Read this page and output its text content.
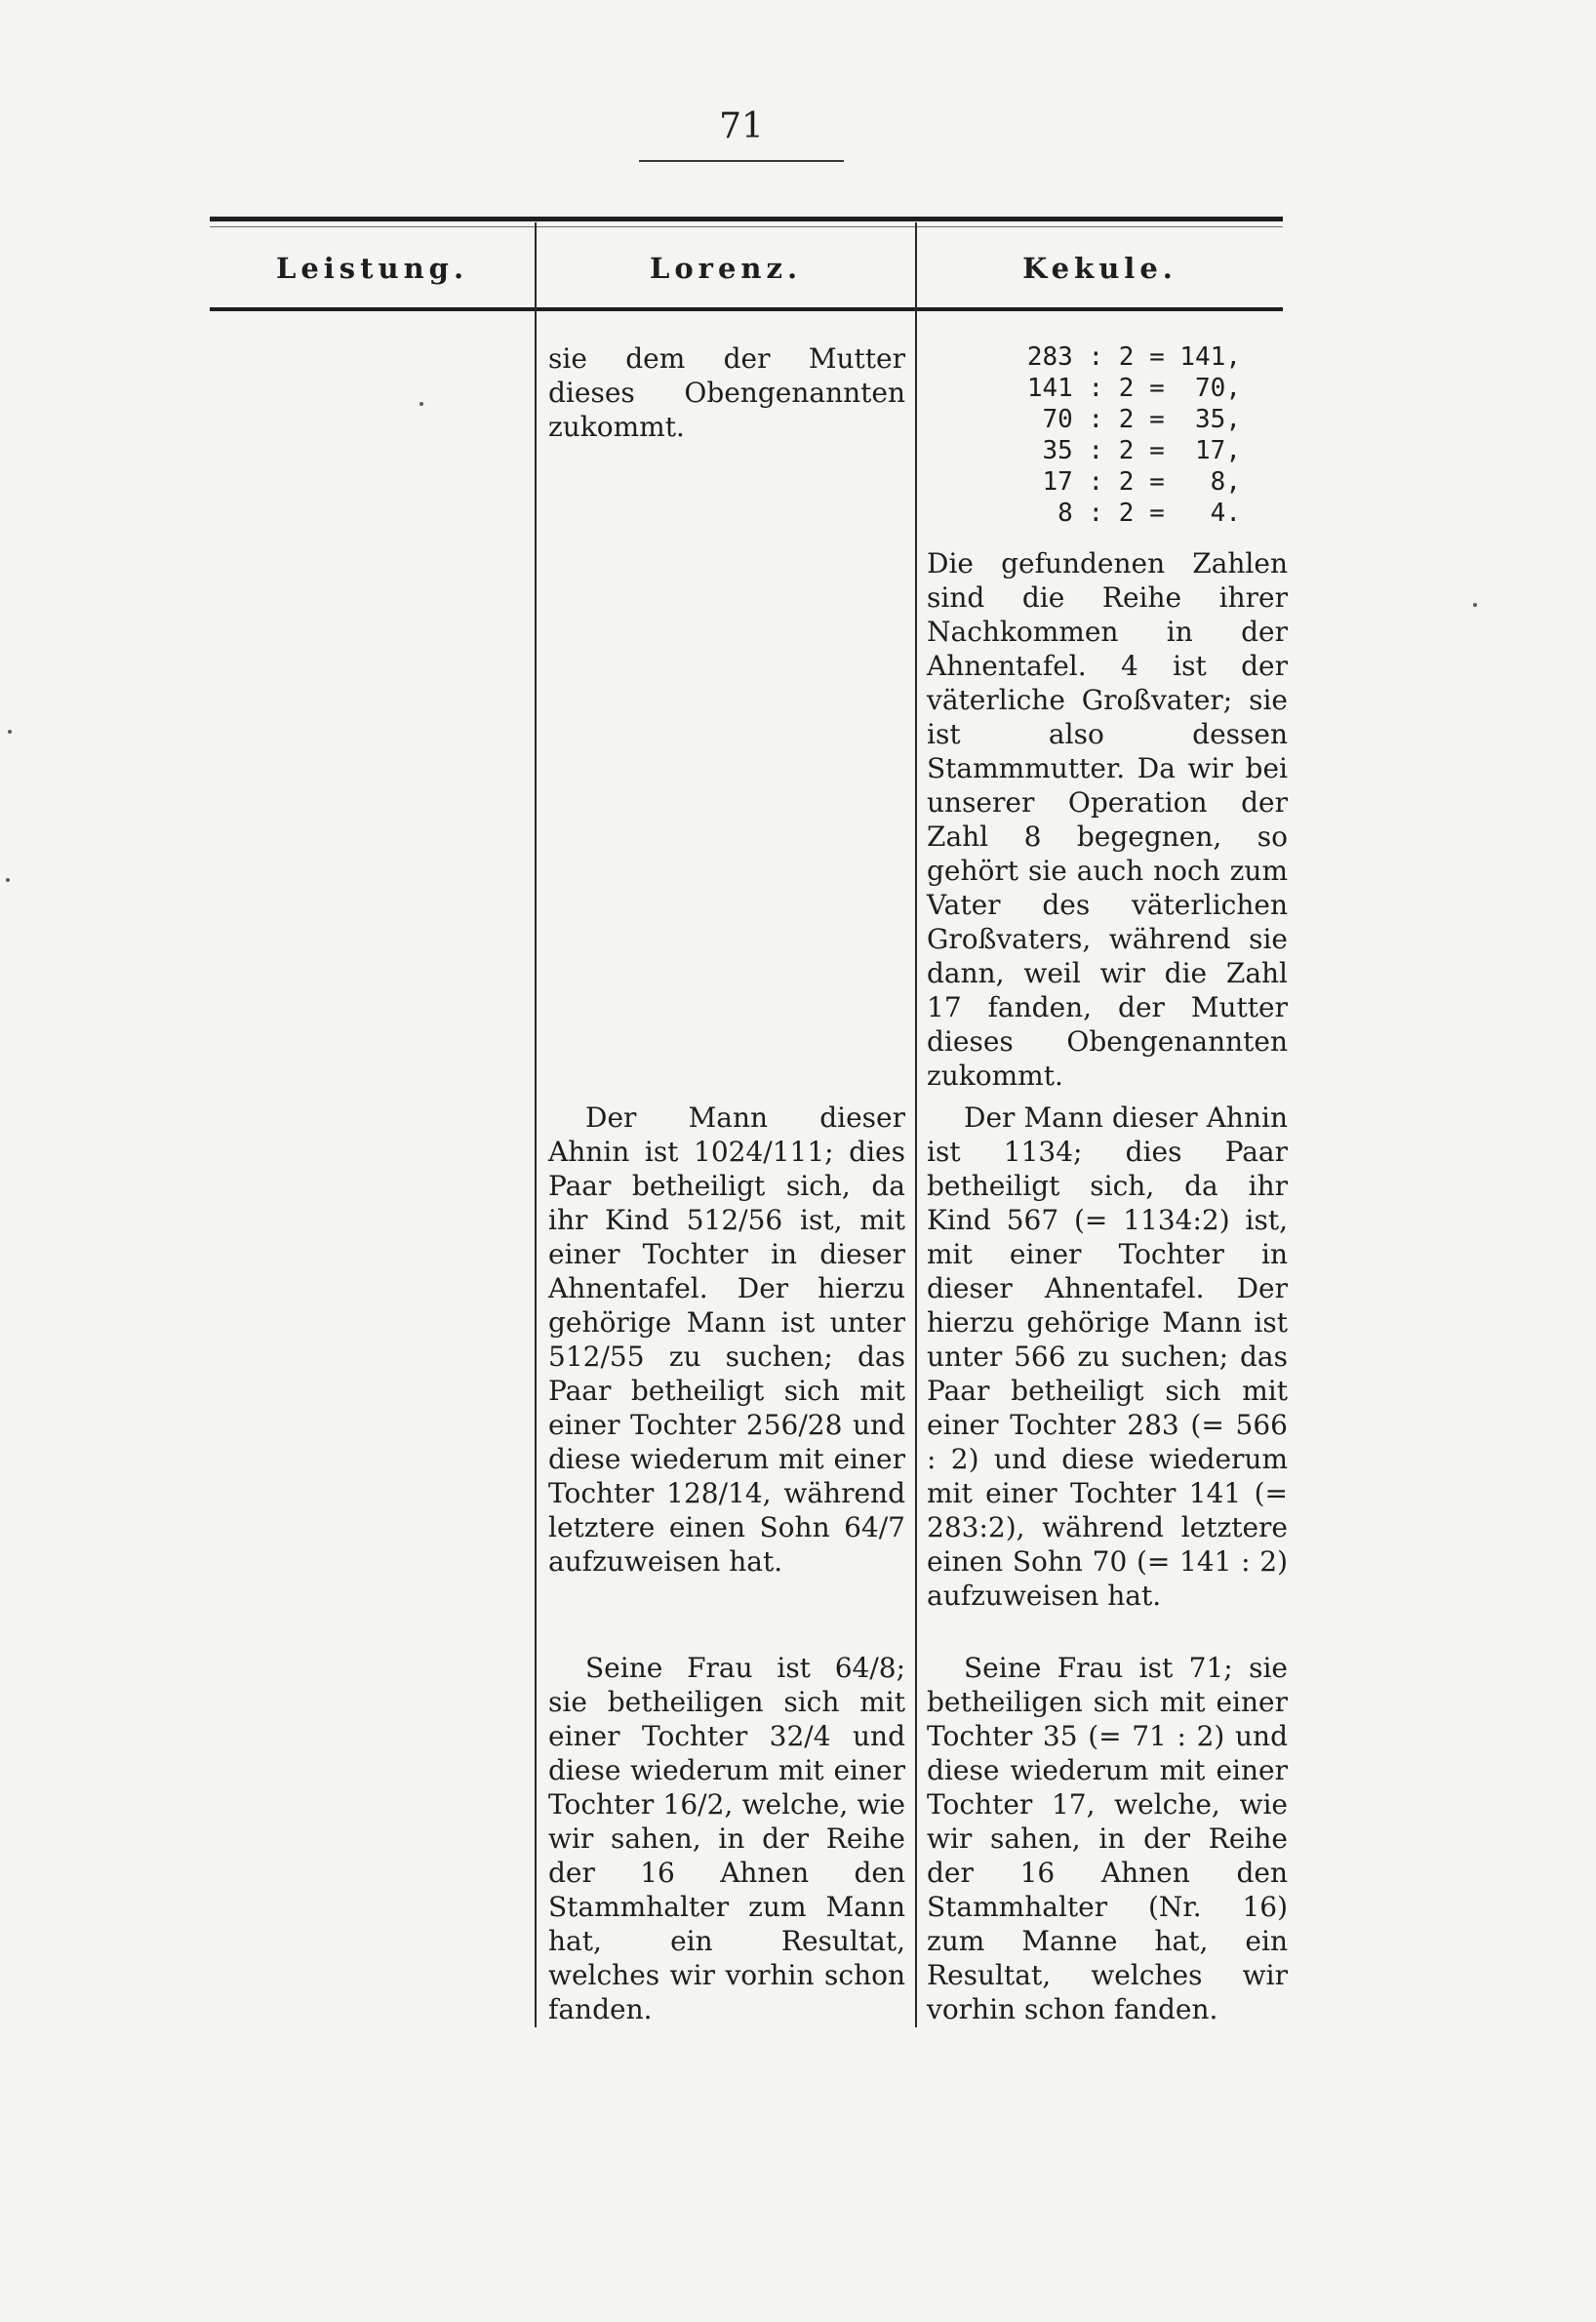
71
Leistung.	Lorenz.	Kekule.

sie dem der Mutter dieses Obengenannten zukommt.

Der Mann dieser Ahnin ist 1024/111; dies Paar betheiligt sich, da ihr Kind 512/56 ist, mit einer Tochter in dieser Ahnentafel. Der hierzu gehörige Mann ist unter 512/55 zu suchen; das Paar betheiligt sich mit einer Tochter 256/28 und diese wiederum mit einer Tochter 128/14, während letztere einen Sohn 64/7 aufzuweisen hat.

Seine Frau ist 64/8; sie betheiligen sich mit einer Tochter 32/4 und diese wiederum mit einer Tochter 16/2, welche, wie wir sahen, in der Reihe der 16 Ahnen den Stammhalter zum Mann hat, ein Resultat, welches wir vorhin schon fanden.

283 : 2 = 141,
141 : 2 =  70,
70 : 2 =  35,
35 : 2 =  17,
17 : 2 =   8,
8 : 2 =   4.

Die gefundenen Zahlen sind die Reihe ihrer Nachkommen in der Ahnentafel. 4 ist der väterliche Großvater; sie ist also dessen Stammmutter. Da wir bei unserer Operation der Zahl 8 begegnen, so gehört sie auch noch zum Vater des väterlichen Großvaters, während sie dann, weil wir die Zahl 17 fanden, der Mutter dieses Obengenannten zukommt.

Der Mann dieser Ahnin ist 1134; dies Paar betheiligt sich, da ihr Kind 567 (= 1134:2) ist, mit einer Tochter in dieser Ahnentafel. Der hierzu gehörige Mann ist unter 566 zu suchen; das Paar betheiligt sich mit einer Tochter 283 (= 566 : 2) und diese wiederum mit einer Tochter 141 (= 283:2), während letztere einen Sohn 70 (= 141 : 2) aufzuweisen hat.

Seine Frau ist 71; sie betheiligen sich mit einer Tochter 35 (= 71 : 2) und diese wiederum mit einer Tochter 17, welche, wie wir sahen, in der Reihe der 16 Ahnen den Stammhalter (Nr. 16) zum Manne hat, ein Resultat, welches wir vorhin schon fanden.
